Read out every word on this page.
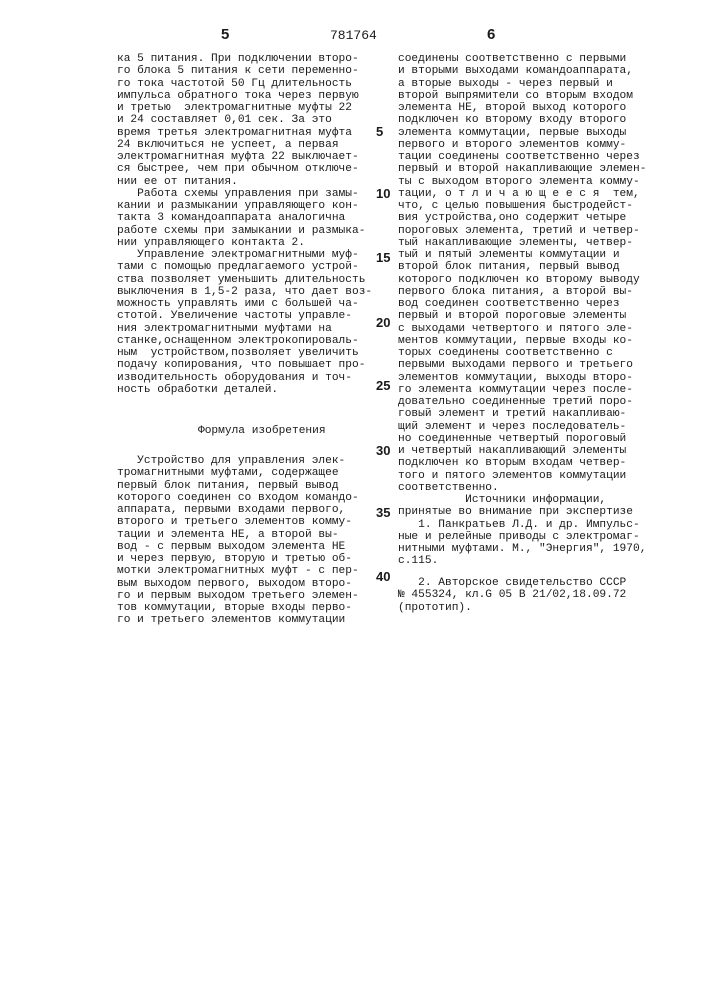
5	781764	6
ка 5 питания. При подключении второ-
го блока 5 питания к сети переменно-
го тока частотой 50 Гц длительность
импульса обратного тока через первую
и третью  электромагнитные муфты 22
и 24 составляет 0,01 сек. За это
время третья электромагнитная муфта
24 включиться не успеет, а первая
электромагнитная муфта 22 выключает-
ся быстрее, чем при обычном отключе-
нии ее от питания.
Работа схемы управления при замы-
кании и размыкании управляющего кон-
такта 3 командоаппарата аналогична
работе схемы при замыкании и размыка-
нии управляющего контакта 2.
Управление электромагнитными муф-
тами с помощью предлагаемого устрой-
ства позволяет уменьшить длительность
выключения в 1,5-2 раза, что дает воз-
можность управлять ими с большей ча-
стотой. Увеличение частоты управле-
ния электромагнитными муфтами на
станке,оснащенном электрокопироваль-
ным  устройством,позволяет увеличить
подачу копирования, что повышает про-
изводительность оборудования и точ-
ность обработки деталей.
Формула изобретения
Устройство для управления элек-
тромагнитными муфтами, содержащее
первый блок питания, первый вывод
которого соединен со входом командо-
аппарата, первыми входами первого,
второго и третьего элементов комму-
тации и элемента НЕ, а второй вы-
вод - с первым выходом элемента НЕ
и через первую, вторую и третью об-
мотки электромагнитных муфт - с пер-
вым выходом первого, выходом второ-
го и первым выходом третьего элемен-
тов коммутации, вторые входы перво-
го и третьего элементов коммутации
соединены соответственно с первыми
и вторыми выходами командоаппарата,
а вторые выходы - через первый и
второй выпрямители со вторым входом
элемента НЕ, второй выход которого
подключен ко второму входу второго
элемента коммутации, первые выходы
первого и второго элементов комму-
тации соединены соответственно через
первый и второй накапливающие элемен-
ты с выходом второго элемента комму-
тации, о т л и ч а ю щ е е с я  тем,
что, с целью повышения быстродейст-
вия устройства,оно содержит четыре
пороговых элемента, третий и четвер-
тый накапливающие элементы, четвер-
тый и пятый элементы коммутации и
второй блок питания, первый вывод
которого подключен ко второму выводу
первого блока питания, а второй вы-
вод соединен соответственно через
первый и второй пороговые элементы
с выходами четвертого и пятого эле-
ментов коммутации, первые входы ко-
торых соединены соответственно с
первыми выходами первого и третьего
элементов коммутации, выходы второ-
го элемента коммутации через после-
довательно соединенные третий поро-
говый элемент и третий накапливаю-
щий элемент и через последователь-
но соединенные четвертый пороговый
и четвертый накапливающий элементы
подключен ко вторым входам четвер-
того и пятого элементов коммутации
соответственно.
Источники информации,
принятые во внимание при экспертизе
1. Панкратьев Л.Д. и др. Импульс-
ные и релейные приводы с электромаг-
нитными муфтами. М., "Энергия", 1970,
с.115.
2. Авторское свидетельство СССР
№ 455324, кл.G 05 В 21/02,18.09.72
(прототип).
5
10
15
20
25
30
35
40
